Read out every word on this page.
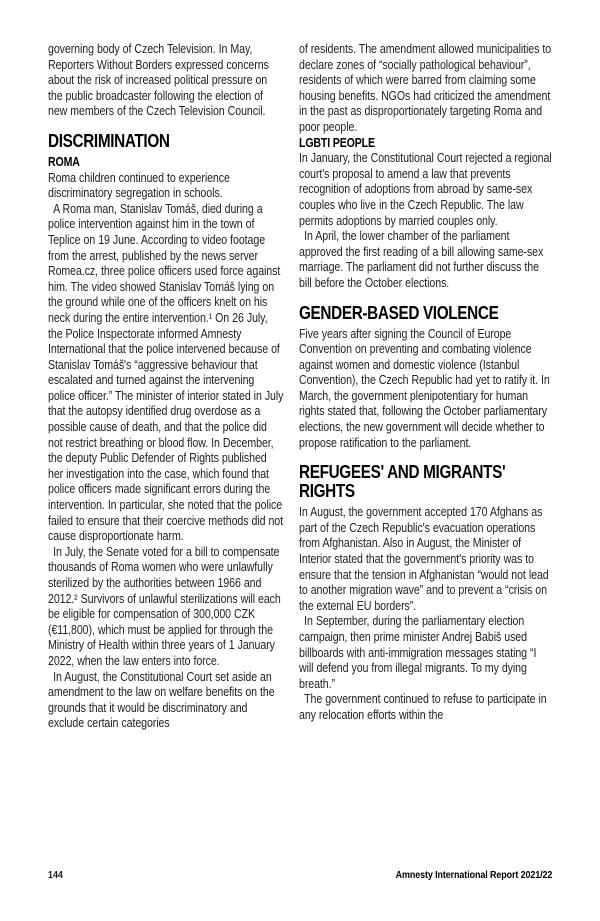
governing body of Czech Television. In May, Reporters Without Borders expressed concerns about the risk of increased political pressure on the public broadcaster following the election of new members of the Czech Television Council.

DISCRIMINATION
ROMA

Roma children continued to experience discriminatory segregation in schools.

A Roma man, Stanislav Tomáš, died during a police intervention against him in the town of Teplice on 19 June. According to video footage from the arrest, published by the news server Romea.cz, three police officers used force against him. The video showed Stanislav Tomáš lying on the ground while one of the officers knelt on his neck during the entire intervention.¹ On 26 July, the Police Inspectorate informed Amnesty International that the police intervened because of Stanislav Tomáš's “aggressive behaviour that escalated and turned against the intervening police officer.” The minister of interior stated in July that the autopsy identified drug overdose as a possible cause of death, and that the police did not restrict breathing or blood flow. In December, the deputy Public Defender of Rights published her investigation into the case, which found that police officers made significant errors during the intervention. In particular, she noted that the police failed to ensure that their coercive methods did not cause disproportionate harm.

In July, the Senate voted for a bill to compensate thousands of Roma women who were unlawfully sterilized by the authorities between 1966 and 2012.² Survivors of unlawful sterilizations will each be eligible for compensation of 300,000 CZK (€11,800), which must be applied for through the Ministry of Health within three years of 1 January 2022, when the law enters into force.

In August, the Constitutional Court set aside an amendment to the law on welfare benefits on the grounds that it would be discriminatory and exclude certain categories

of residents. The amendment allowed municipalities to declare zones of “socially pathological behaviour”, residents of which were barred from claiming some housing benefits. NGOs had criticized the amendment in the past as disproportionately targeting Roma and poor people.

LGBTI PEOPLE

In January, the Constitutional Court rejected a regional court's proposal to amend a law that prevents recognition of adoptions from abroad by same-sex couples who live in the Czech Republic. The law permits adoptions by married couples only.

In April, the lower chamber of the parliament approved the first reading of a bill allowing same-sex marriage. The parliament did not further discuss the bill before the October elections.

GENDER-BASED VIOLENCE

Five years after signing the Council of Europe Convention on preventing and combating violence against women and domestic violence (Istanbul Convention), the Czech Republic had yet to ratify it. In March, the government plenipotentiary for human rights stated that, following the October parliamentary elections, the new government will decide whether to propose ratification to the parliament.

REFUGEES' AND MIGRANTS' RIGHTS

In August, the government accepted 170 Afghans as part of the Czech Republic's evacuation operations from Afghanistan. Also in August, the Minister of Interior stated that the government's priority was to ensure that the tension in Afghanistan “would not lead to another migration wave” and to prevent a “crisis on the external EU borders”.

In September, during the parliamentary election campaign, then prime minister Andrej Babiš used billboards with anti-immigration messages stating “I will defend you from illegal migrants. To my dying breath.”

The government continued to refuse to participate in any relocation efforts within the

144	Amnesty International Report 2021/22
